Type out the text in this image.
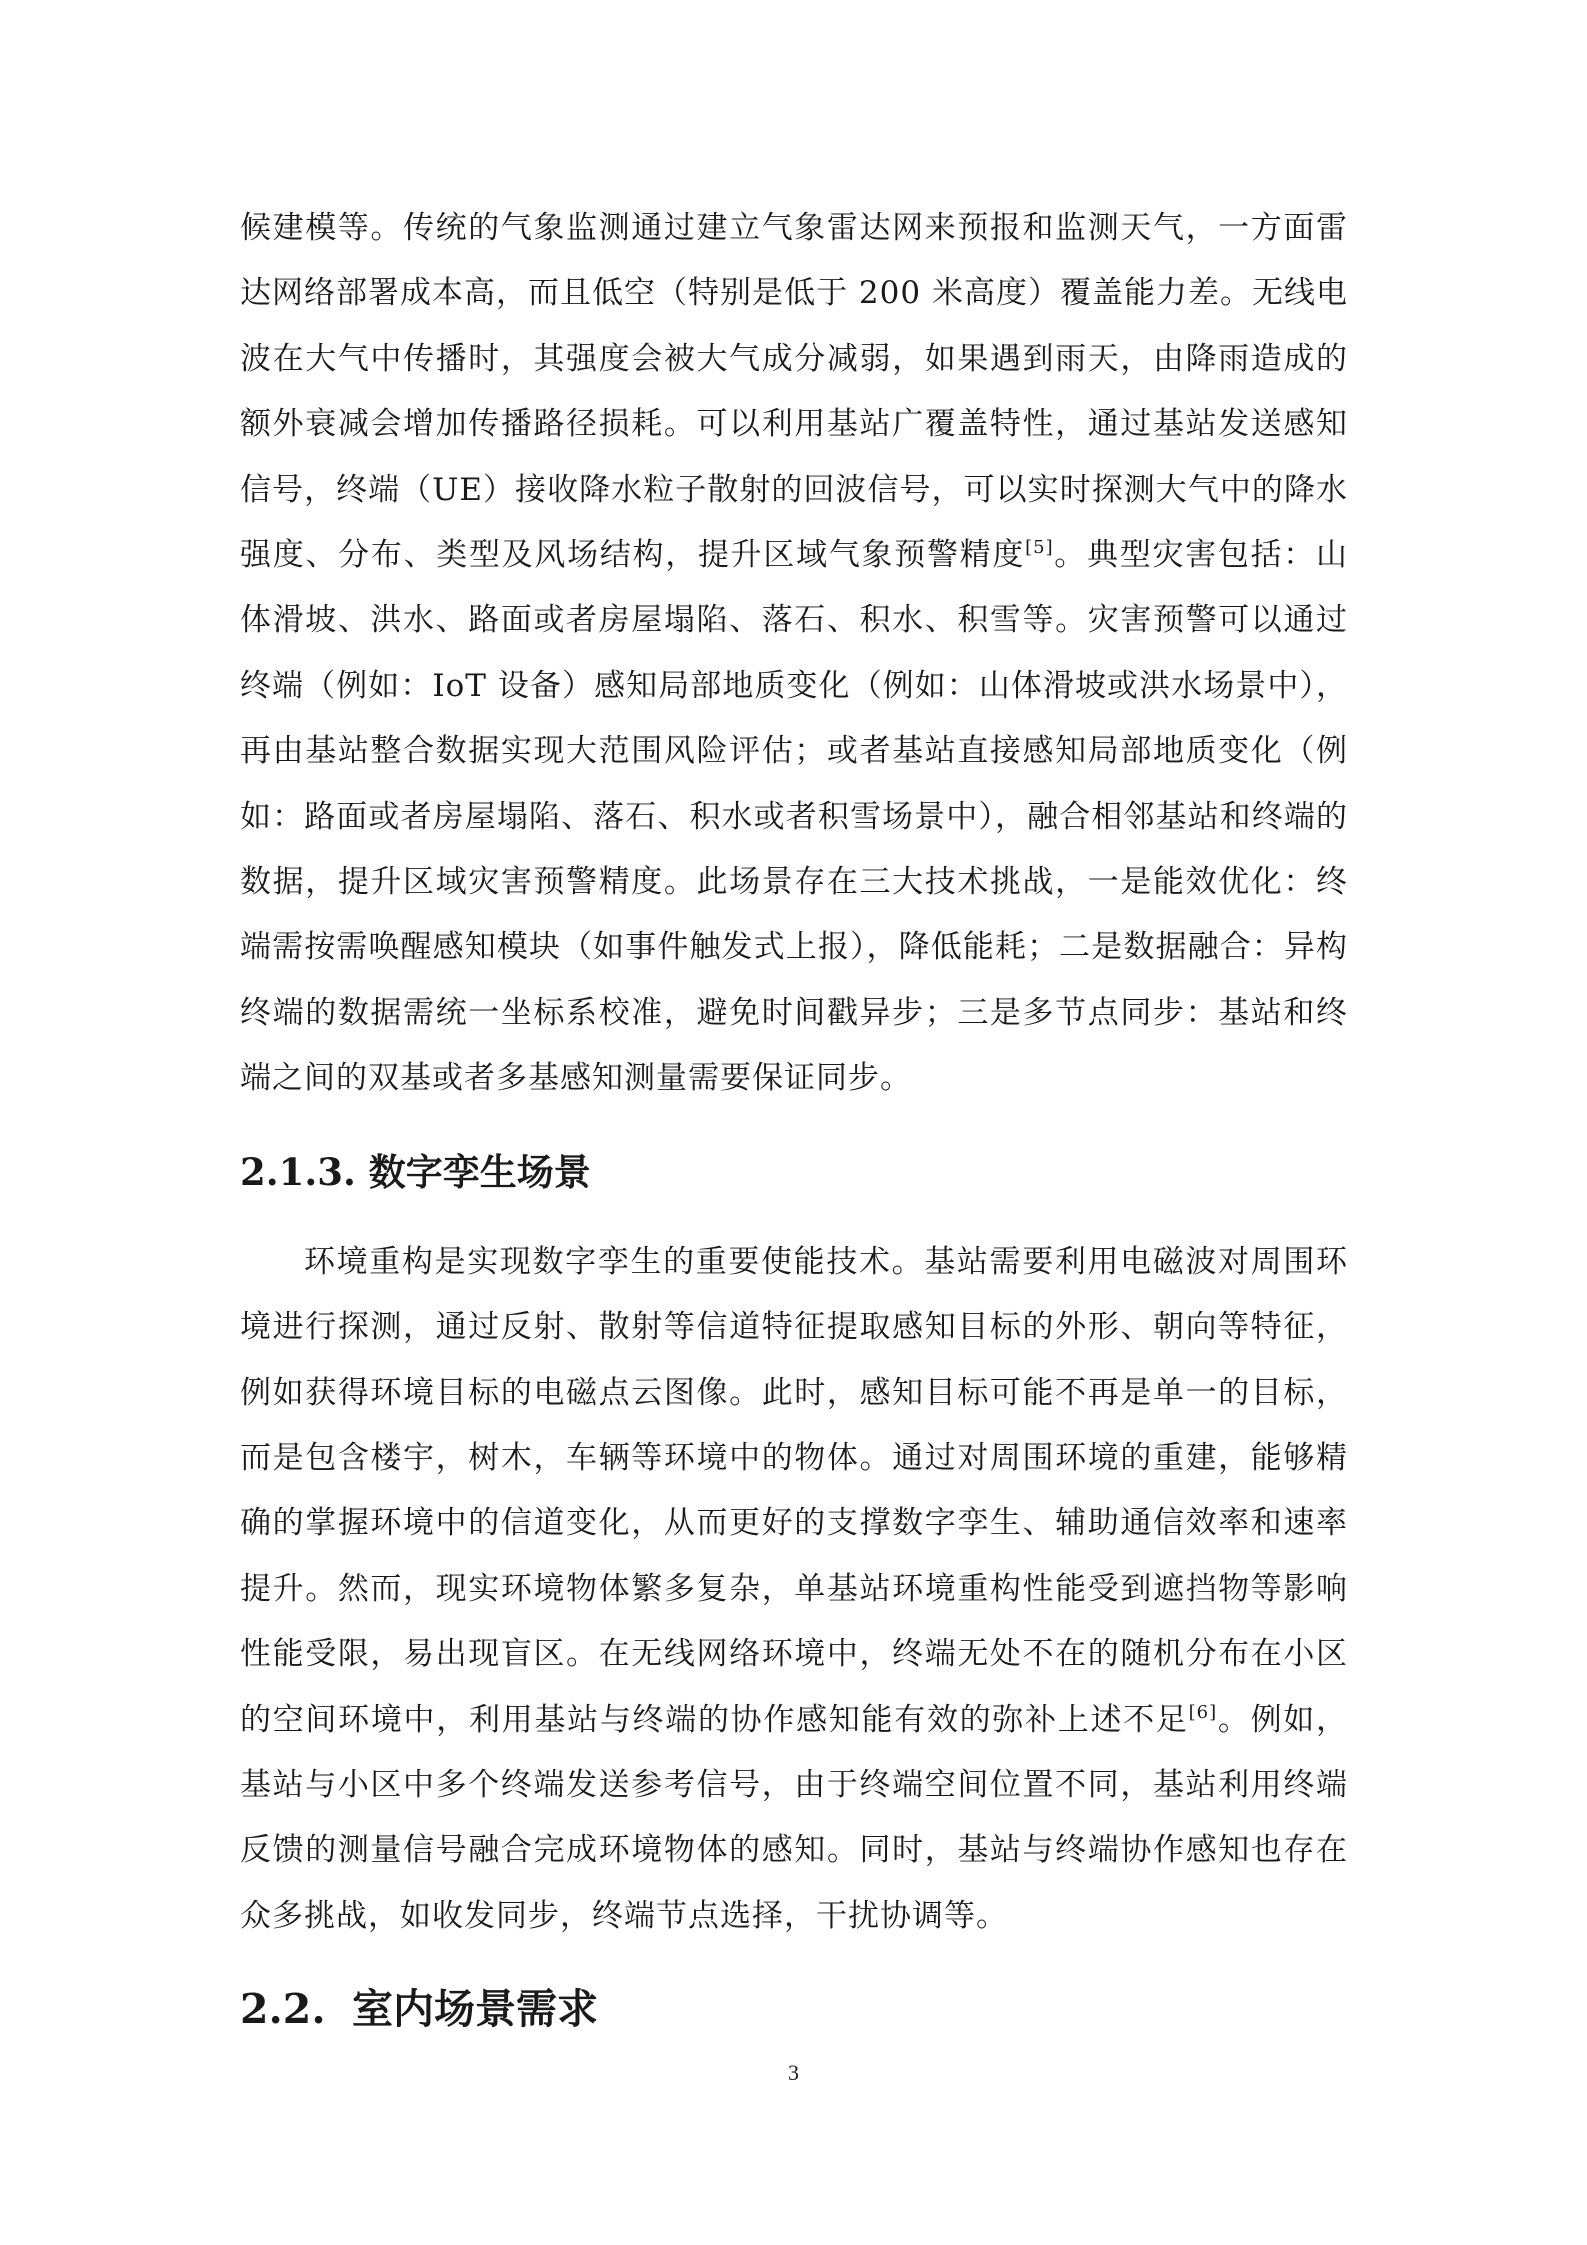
候建模等。传统的气象监测通过建立气象雷达网来预报和监测天气，一方面雷达网络部署成本高，而且低空（特别是低于 200 米高度）覆盖能力差。无线电波在大气中传播时，其强度会被大气成分减弱，如果遇到雨天，由降雨造成的额外衰减会增加传播路径损耗。可以利用基站广覆盖特性，通过基站发送感知信号，终端（UE）接收降水粒子散射的回波信号，可以实时探测大气中的降水强度、分布、类型及风场结构，提升区域气象预警精度[5]。典型灾害包括：山体滑坡、洪水、路面或者房屋塌陷、落石、积水、积雪等。灾害预警可以通过终端（例如：IoT 设备）感知局部地质变化（例如：山体滑坡或洪水场景中），再由基站整合数据实现大范围风险评估；或者基站直接感知局部地质变化（例如：路面或者房屋塌陷、落石、积水或者积雪场景中），融合相邻基站和终端的数据，提升区域灾害预警精度。此场景存在三大技术挑战，一是能效优化：终端需按需唤醒感知模块（如事件触发式上报），降低能耗；二是数据融合：异构终端的数据需统一坐标系校准，避免时间戳异步；三是多节点同步：基站和终端之间的双基或者多基感知测量需要保证同步。

2.1.3. 数字孪生场景

环境重构是实现数字孪生的重要使能技术。基站需要利用电磁波对周围环境进行探测，通过反射、散射等信道特征提取感知目标的外形、朝向等特征，例如获得环境目标的电磁点云图像。此时，感知目标可能不再是单一的目标，而是包含楼宇，树木，车辆等环境中的物体。通过对周围环境的重建，能够精确的掌握环境中的信道变化，从而更好的支撑数字孪生、辅助通信效率和速率提升。然而，现实环境物体繁多复杂，单基站环境重构性能受到遮挡物等影响性能受限，易出现盲区。在无线网络环境中，终端无处不在的随机分布在小区的空间环境中，利用基站与终端的协作感知能有效的弥补上述不足[6]。例如，基站与小区中多个终端发送参考信号，由于终端空间位置不同，基站利用终端反馈的测量信号融合完成环境物体的感知。同时，基站与终端协作感知也存在众多挑战，如收发同步，终端节点选择，干扰协调等。

2.2. 室内场景需求
3
